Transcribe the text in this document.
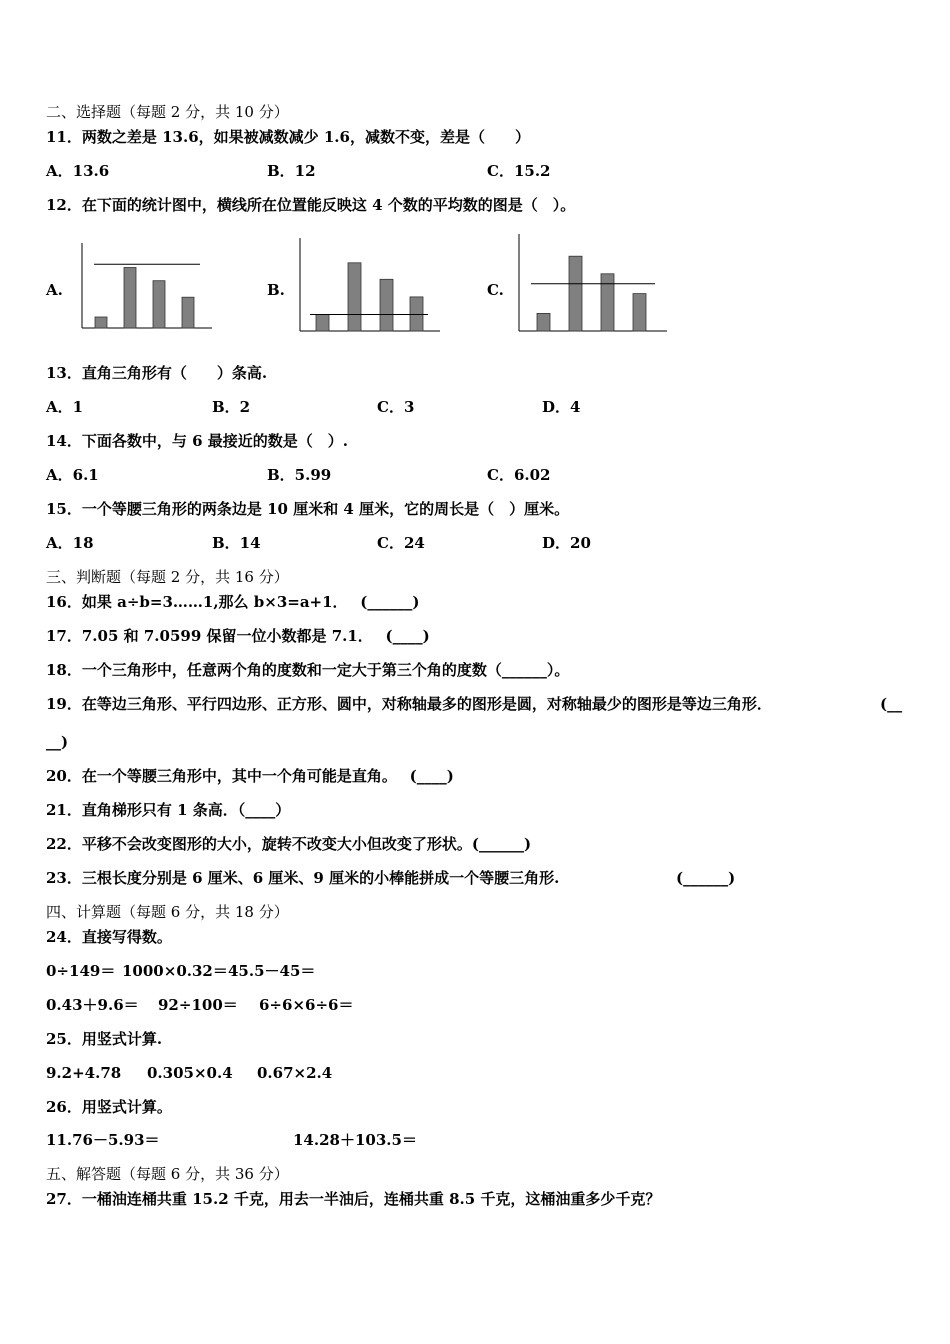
二、选择题（每题 2 分，共 10 分）
11．两数之差是 13.6，如果被减数减少 1.6，减数不变，差是（　　）
A．13.6	B．12	C．15.2
12．在下面的统计图中，横线所在位置能反映这 4 个数的平均数的图是（　）。
A.	B.	C.
13．直角三角形有（　　）条高.
A．1	B．2	C．3	D．4
14．下面各数中，与 6 最接近的数是（　）.
A．6.1	B．5.99	C．6.02
15．一个等腰三角形的两条边是 10 厘米和 4 厘米，它的周长是（　）厘米。
A．18	B．14	C．24	D．20
三、判断题（每题 2 分，共 16 分）
16．如果 a÷b=3……1,那么 b×3=a+1．　 (______)
17．7.05 和 7.0599 保留一位小数都是 7.1．　 (____)
18．一个三角形中，任意两个角的度数和一定大于第三个角的度数（______）。
19．在等边三角形、平行四边形、正方形、圆中，对称轴最多的图形是圆，对称轴最少的图形是等边三角形．	(__
__)
20．在一个等腰三角形中，其中一个角可能是直角。　 (____)
21．直角梯形只有 1 条高．（____）
22．平移不会改变图形的大小，旋转不改变大小但改变了形状。(______)
23．三根长度分别是 6 厘米、6 厘米、9 厘米的小棒能拼成一个等腰三角形.	(______)
四、计算题（每题 6 分，共 18 分）
24．直接写得数。
0÷149＝ 1000×0.32＝ 45.5－45＝
0.43＋9.6＝ 92÷100＝ 6÷6×6÷6＝
25．用竖式计算.
9.2+4.78 0.305×0.4 0.67×2.4
26．用竖式计算。
11.76－5.93＝	14.28＋103.5＝
五、解答题（每题 6 分，共 36 分）
27．一桶油连桶共重 15.2 千克，用去一半油后，连桶共重 8.5 千克，这桶油重多少千克？
